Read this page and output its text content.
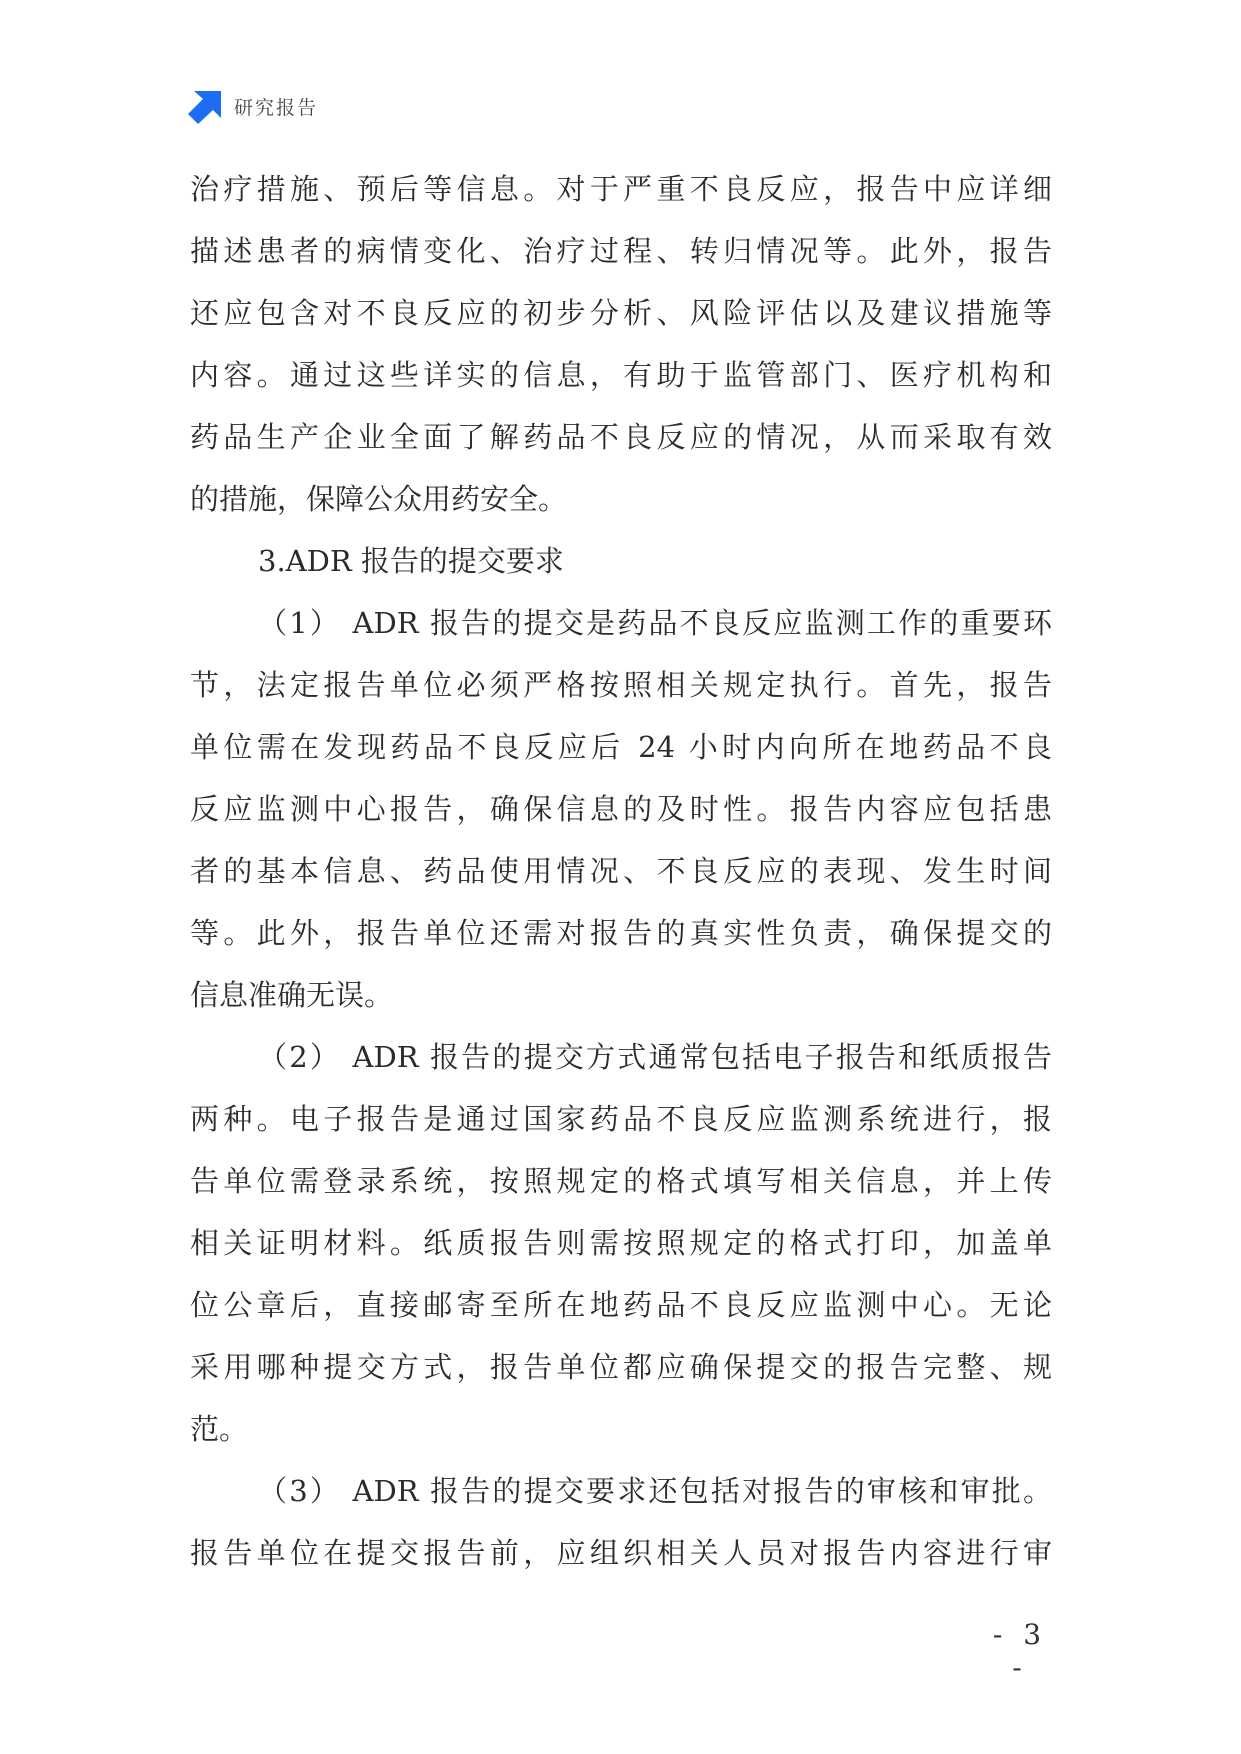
研究报告
治疗措施、预后等信息。对于严重不良反应，报告中应详细
描述患者的病情变化、治疗过程、转归情况等。此外，报告
还应包含对不良反应的初步分析、风险评估以及建议措施等
内容。通过这些详实的信息，有助于监管部门、医疗机构和
药品生产企业全面了解药品不良反应的情况，从而采取有效
的措施，保障公众用药安全。
3.ADR 报告的提交要求
（1） ADR 报告的提交是药品不良反应监测工作的重要环
节，法定报告单位必须严格按照相关规定执行。首先，报告
单位需在发现药品不良反应后 24 小时内向所在地药品不良
反应监测中心报告，确保信息的及时性。报告内容应包括患
者的基本信息、药品使用情况、不良反应的表现、发生时间
等。此外，报告单位还需对报告的真实性负责，确保提交的
信息准确无误。
（2） ADR 报告的提交方式通常包括电子报告和纸质报告
两种。电子报告是通过国家药品不良反应监测系统进行，报
告单位需登录系统，按照规定的格式填写相关信息，并上传
相关证明材料。纸质报告则需按照规定的格式打印，加盖单
位公章后，直接邮寄至所在地药品不良反应监测中心。无论
采用哪种提交方式，报告单位都应确保提交的报告完整、规
范。
（3） ADR 报告的提交要求还包括对报告的审核和审批。
报告单位在提交报告前，应组织相关人员对报告内容进行审
- 3 -
